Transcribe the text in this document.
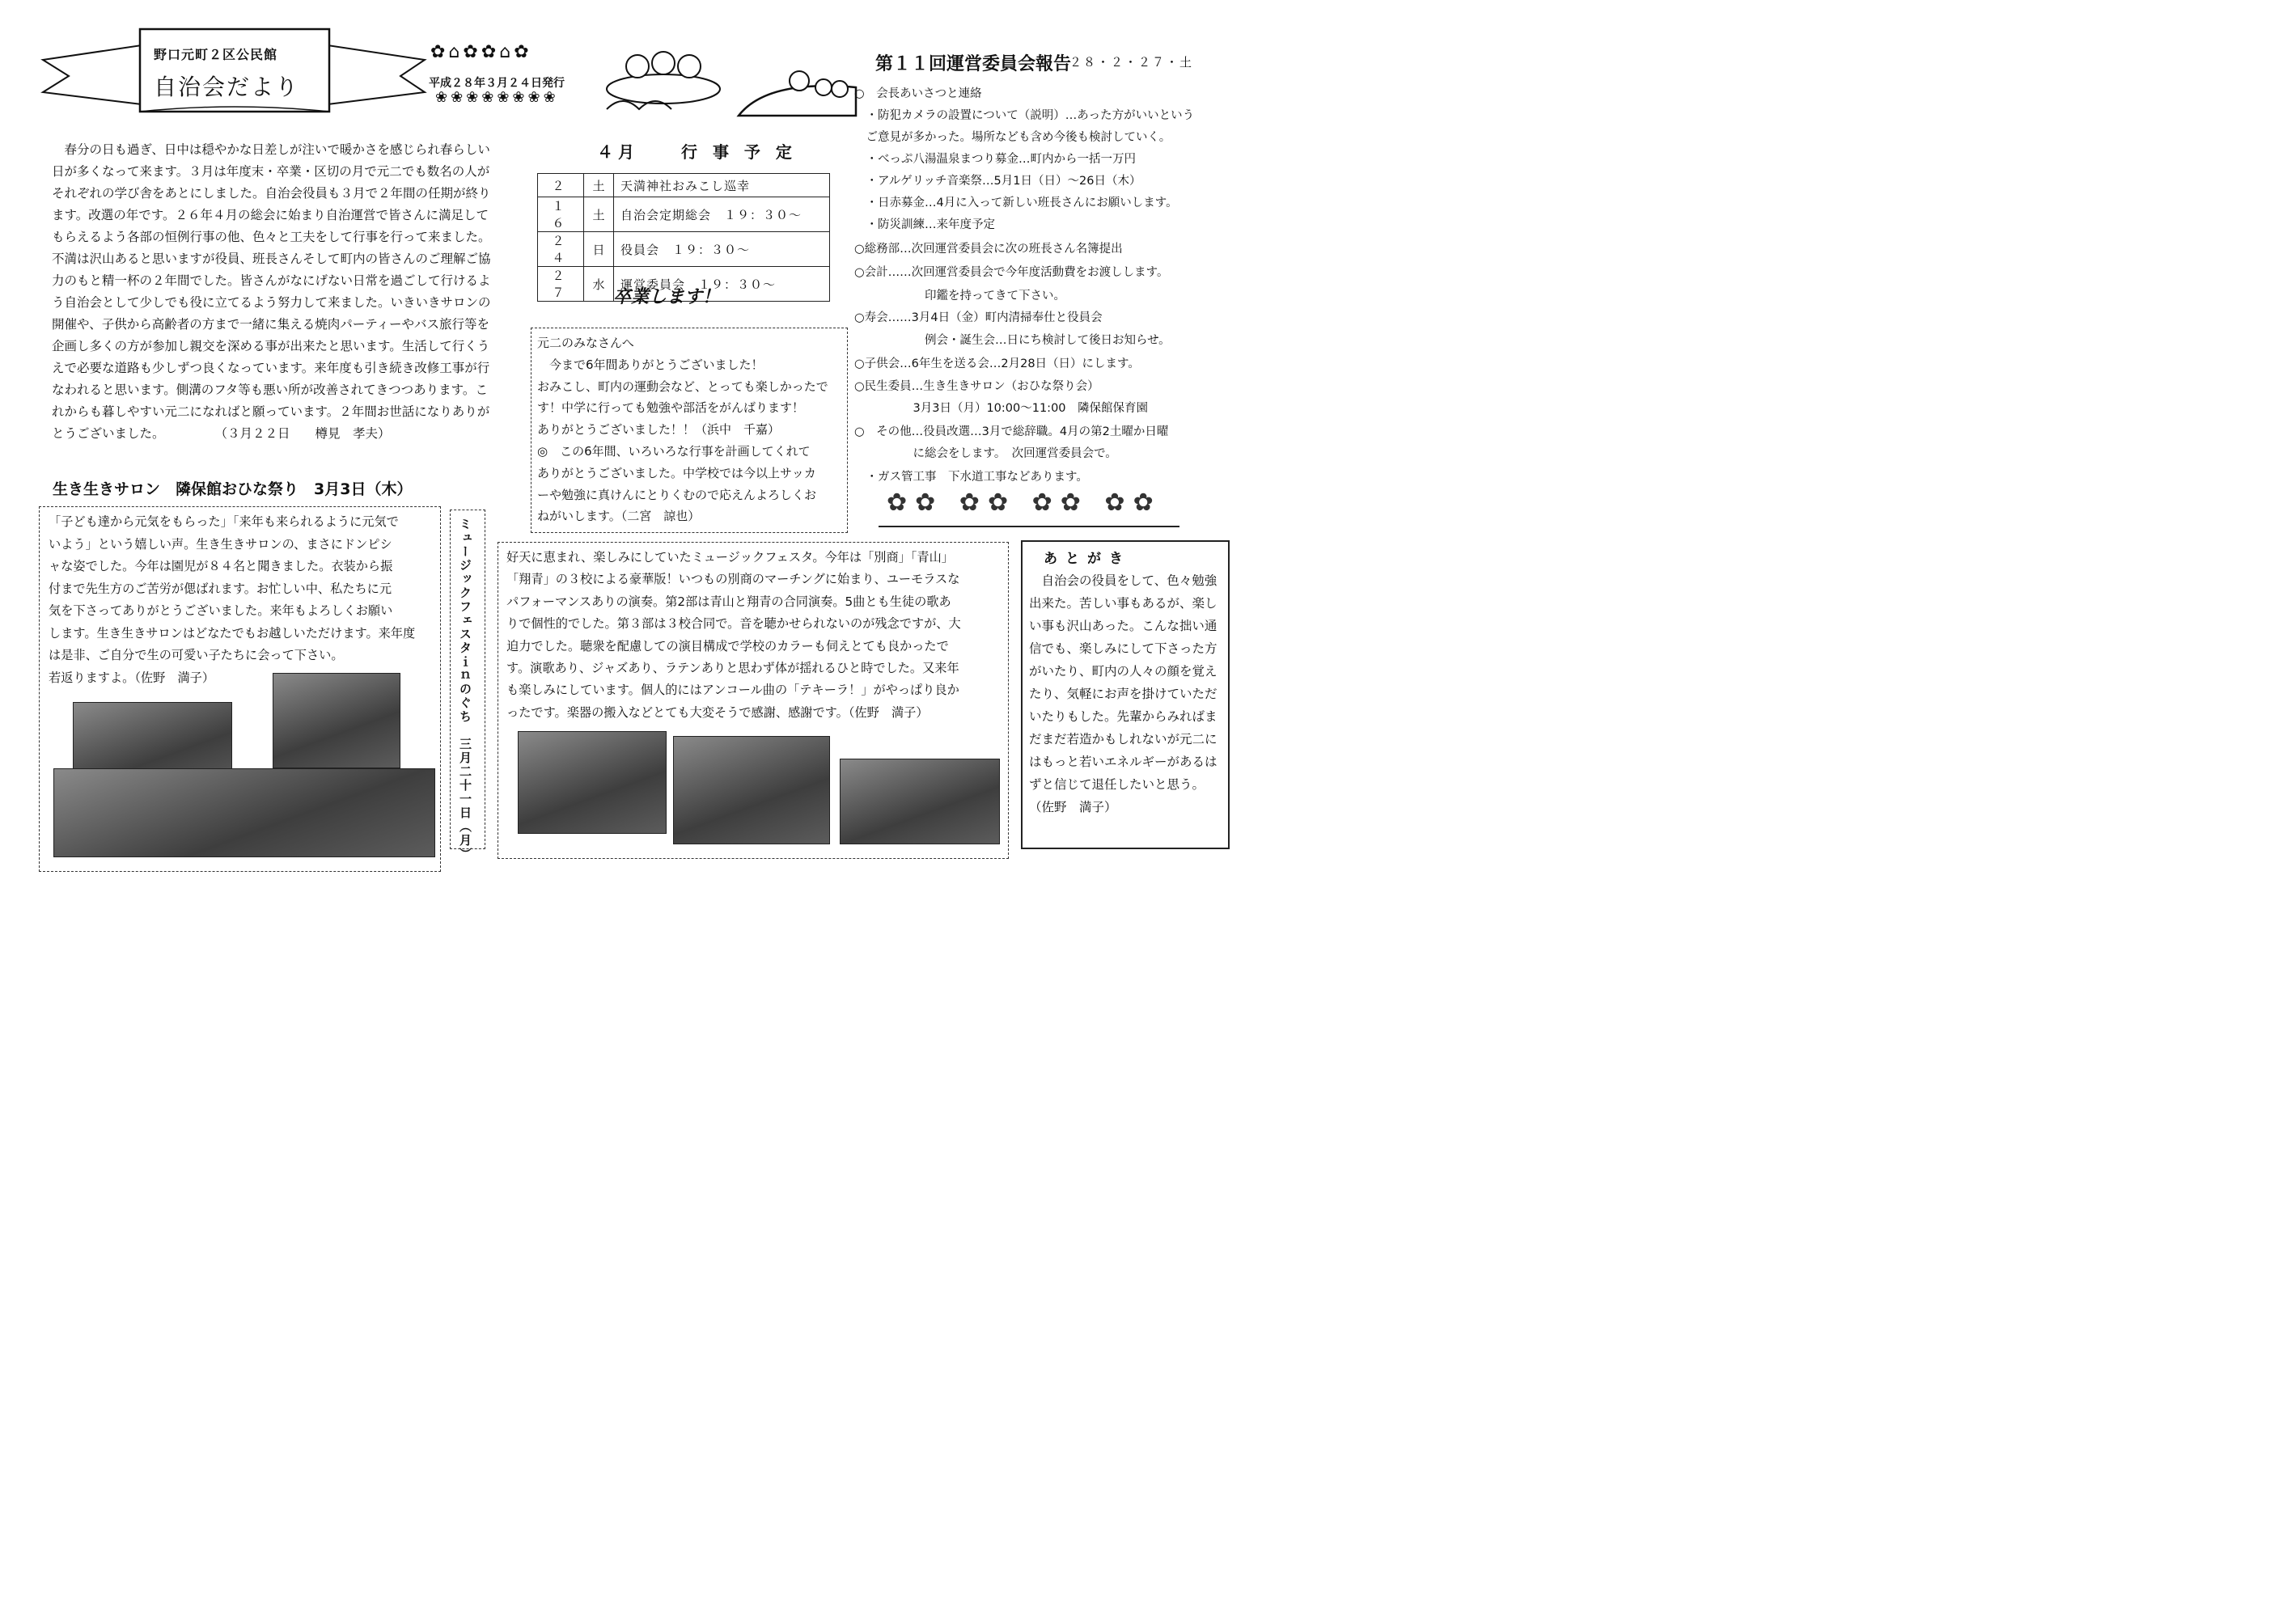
野口元町２区公民館
自治会だより
✿⌂✿✿⌂✿
❀❀❀❀❀❀❀❀
平成２８年３月２４日発行
　春分の日も過ぎ、日中は穏やかな日差しが注いで暖かさを感じられ春らしい
日が多くなって来ます。３月は年度末・卒業・区切の月で元二でも数名の人が
それぞれの学び舎をあとにしました。自治会役員も３月で２年間の任期が終り
ます。改選の年です。２６年４月の総会に始まり自治運営で皆さんに満足して
もらえるよう各部の恒例行事の他、色々と工夫をして行事を行って来ました。
不満は沢山あると思いますが役員、班長さんそして町内の皆さんのご理解ご協
力のもと精一杯の２年間でした。皆さんがなにげない日常を過ごして行けるよ
う自治会として少しでも役に立てるよう努力して来ました。いきいきサロンの
開催や、子供から高齢者の方まで一緒に集える焼肉パーティーやバス旅行等を
企画し多くの方が参加し親交を深める事が出来たと思います。生活して行くう
えで必要な道路も少しずつ良くなっています。来年度も引き続き改修工事が行
なわれると思います。側溝のフタ等も悪い所が改善されてきつつあります。こ
れからも暮しやすい元二になればと願っています。２年間お世話になりありが
とうございました。　　　　　（３月２２日　　樽見　孝夫）
４月　　行 事 予 定
２	土	天満神社おみこし巡幸
１６	土	自治会定期総会　１９：３０～
２４	日	役員会　１９：３０～
２７	水	運営委員会　１９：３０～
卒業します！
元二のみなさんへ
　今まで6年間ありがとうございました！
おみこし、町内の運動会など、とっても楽しかったで
す！中学に行っても勉強や部活をがんばります！
ありがとうございました！！（浜中　千嘉）
◎　この6年間、いろいろな行事を計画してくれて
ありがとうございました。中学校では今以上サッカ
ーや勉強に真けんにとりくむので応えんよろしくお
ねがいします。（二宮　諒也）
第１１回運営委員会報告
２８・２・２７・土
○　会長あいさつと連絡
　・防犯カメラの設置について（説明）…あった方がいいという
　ご意見が多かった。場所なども含め今後も検討していく。
　・べっぷ八湯温泉まつり募金…町内から一括一万円
　・アルゲリッチ音楽祭…5月1日（日）～26日（木）
　・日赤募金…4月に入って新しい班長さんにお願いします。
　・防災訓練…来年度予定
○総務部…次回運営委員会に次の班長さん名簿提出
○会計……次回運営委員会で今年度活動費をお渡しします。
　　　　　　印鑑を持ってきて下さい。
○寿会……3月4日（金）町内清掃奉仕と役員会
　　　　　　例会・誕生会…日にち検討して後日お知らせ。
○子供会…6年生を送る会…2月28日（日）にします。
○民生委員…生き生きサロン（おひな祭り会）
　　　　　3月3日（月）10:00～11:00　隣保館保育園
○　その他…役員改選…3月で総辞職。4月の第2土曜か日曜
　　　　　に総会をします。　次回運営委員会で。
　・ガス管工事　下水道工事などあります。
✿✿ ✿✿ ✿✿ ✿✿
生き生きサロン　隣保館おひな祭り　3月3日（木）
「子ども達から元気をもらった」「来年も来られるように元気で
いよう」という嬉しい声。生き生きサロンの、まさにドンピシ
ャな姿でした。今年は園児が８４名と聞きました。衣装から振
付まで先生方のご苦労が偲ばれます。お忙しい中、私たちに元
気を下さってありがとうございました。来年もよろしくお願い
します。生き生きサロンはどなたでもお越しいただけます。来年度
は是非、ご自分で生の可愛い子たちに会って下さい。
若返りますよ。（佐野　満子）	ミュージックフェスタｉｎのぐち　三月二十一日（月）	好天に恵まれ、楽しみにしていたミュージックフェスタ。今年は「別商」「青山」
「翔青」の３校による豪華版！いつもの別商のマーチングに始まり、ユーモラスな
パフォーマンスありの演奏。第2部は青山と翔青の合同演奏。5曲とも生徒の歌あ
りで個性的でした。第３部は３校合同で。音を聴かせられないのが残念ですが、大
迫力でした。聴衆を配慮しての演目構成で学校のカラーも伺えとても良かったで
す。演歌あり、ジャズあり、ラテンありと思わず体が揺れるひと時でした。又来年
も楽しみにしています。個人的にはアンコール曲の「テキーラ！」がやっぱり良か
ったです。楽器の搬入などとても大変そうで感謝、感謝です。（佐野　満子）
あとがき
　自治会の役員をして、色々勉強出来た。苦しい事もあるが、楽しい事も沢山あった。こんな拙い通信でも、楽しみにして下さった方がいたり、町内の人々の顔を覚えたり、気軽にお声を掛けていただいたりもした。先輩からみればまだまだ若造かもしれないが元二にはもっと若いエネルギーがあるはずと信じて退任したいと思う。（佐野　満子）
